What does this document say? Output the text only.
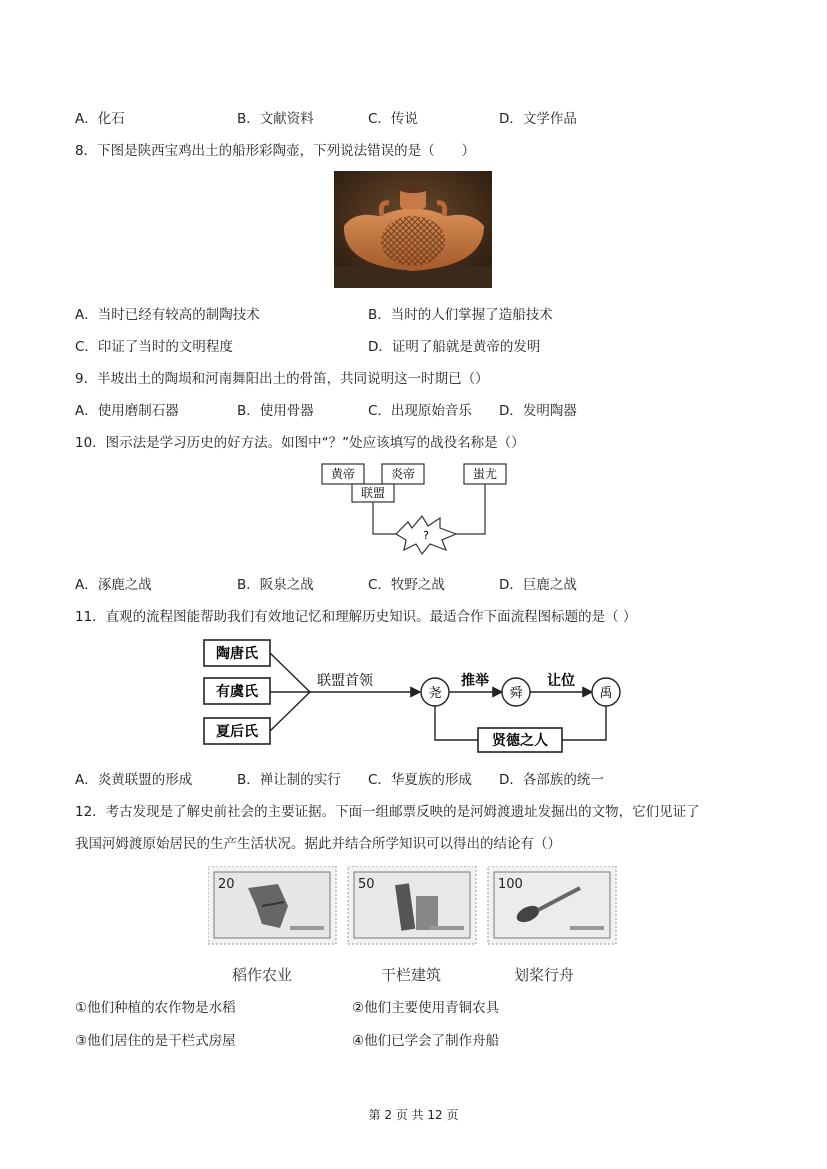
A．化石	B．文献资料	C．传说	D．文学作品
8．下图是陕西宝鸡出土的船形彩陶壶，下列说法错误的是（　　）
A．当时已经有较高的制陶技术	B．当时的人们掌握了造船技术
C．印证了当时的文明程度	D．证明了船就是黄帝的发明
9．半坡出土的陶埙和河南舞阳出土的骨笛，共同说明这一时期已（）
A．使用磨制石器	B．使用骨器	C．出现原始音乐 D．发明陶器
10．图示法是学习历史的好方法。如图中“？”处应该填写的战役名称是（）
黄帝	炎帝	蚩尤
联盟
?
A．涿鹿之战	B．阪泉之战	C．牧野之战	D．巨鹿之战
11．直观的流程图能帮助我们有效地记忆和理解历史知识。最适合作下面流程图标题的是（ ）
陶唐氏
有虞氏
夏后氏
联盟首领
尧
推举
舜
让位
禹
贤德之人
A．炎黄联盟的形成	B．禅让制的实行 C．华夏族的形成 D．各部族的统一
12．考古发现是了解史前社会的主要证据。下面一组邮票反映的是河姆渡遗址发掘出的文物，它们见证了
我国河姆渡原始居民的生产生活状况。据此并结合所学知识可以得出的结论有（）
20	50	100
稻作农业	干栏建筑	划桨行舟
①他们种植的农作物是水稻	②他们主要使用青铜农具
③他们居住的是干栏式房屋	④他们已学会了制作舟船
第 2 页 共 12 页
